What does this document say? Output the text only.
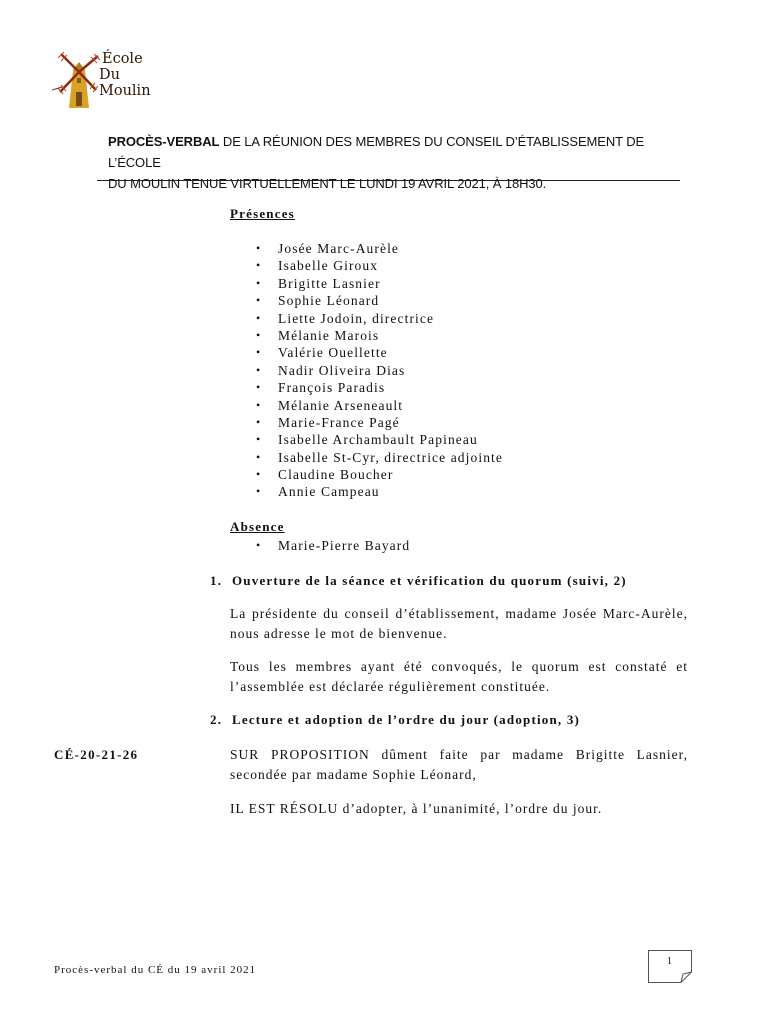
École
Du Moulin
PROCÈS-VERBAL DE LA RÉUNION DES MEMBRES DU CONSEIL D’ÉTABLISSEMENT DE L’ÉCOLE
DU MOULIN TENUE VIRTUELLEMENT LE LUNDI 19 AVRIL 2021, À 18H30.
Présences
• Josée Marc-Aurèle
• Isabelle Giroux
• Brigitte Lasnier
• Sophie Léonard
• Liette Jodoin, directrice
• Mélanie Marois
• Valérie Ouellette
• Nadir Oliveira Dias
• François Paradis
• Mélanie Arseneault
• Marie-France Pagé
• Isabelle Archambault Papineau
• Isabelle St-Cyr, directrice adjointe
• Claudine Boucher
• Annie Campeau
Absence
• Marie-Pierre Bayard
1. Ouverture de la séance et vérification du quorum (suivi, 2)
La présidente du conseil d’établissement, madame Josée Marc-Aurèle, nous adresse le mot de bienvenue.
Tous les membres ayant été convoqués, le quorum est constaté et l’assemblée est déclarée régulièrement constituée.
2. Lecture et adoption de l’ordre du jour (adoption, 3)
CÉ-20-21-26	SUR PROPOSITION dûment faite par madame Brigitte Lasnier, secondée par madame Sophie Léonard,
IL EST RÉSOLU d’adopter, à l’unanimité, l’ordre du jour.
Procès-verbal du CÉ du 19 avril 2021
1
